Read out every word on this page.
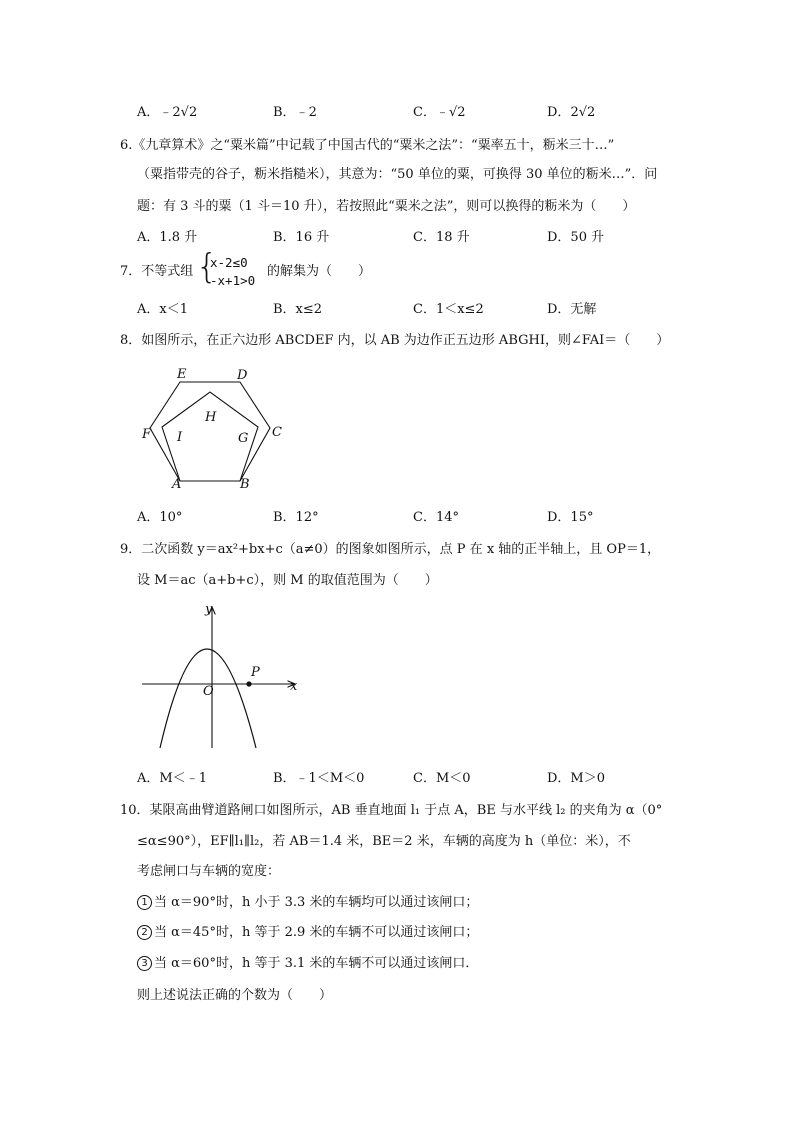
A．﹣2√2	B．﹣2	C．﹣√2	D．2√2
6.《九章算术》之“粟米篇”中记载了中国古代的“粟米之法”：“粟率五十，粝米三十…”
（粟指带壳的谷子，粝米指糙米），其意为：“50 单位的粟，可换得 30 单位的粝米…”．问
题：有 3 斗的粟（1 斗＝10 升），若按照此“粟米之法”，则可以换得的粝米为（　　）
A．1.8 升	B．16 升	C．18 升	D．50 升
7．不等式组 {
x-2≤0
-x+1>0
的解集为（　　）
A．x＜1	B．x≤2	C．1＜x≤2	D．无解
8．如图所示，在正六边形 ABCDEF 内，以 AB 为边作正五边形 ABGHI，则∠FAI＝（　　）
E	D
H
F I	G C
A	B
A．10°	B．12°	C．14°	D．15°
9．二次函数 y＝ax²+bx+c（a≠0）的图象如图所示，点 P 在 x 轴的正半轴上，且 OP＝1，
设 M＝ac（a+b+c），则 M 的取值范围为（　　）
y
x
O
P
A．M＜﹣1	B．﹣1＜M＜0	C．M＜0	D．M＞0
10．某限高曲臂道路闸口如图所示，AB 垂直地面 l₁ 于点 A，BE 与水平线 l₂ 的夹角为 α（0°
≤α≤90°），EF∥l₁∥l₂，若 AB＝1.4 米，BE＝2 米，车辆的高度为 h（单位：米），不
考虑闸口与车辆的宽度：
1 当 α＝90°时，h 小于 3.3 米的车辆均可以通过该闸口；
2 当 α＝45°时，h 等于 2.9 米的车辆不可以通过该闸口；
3 当 α＝60°时，h 等于 3.1 米的车辆不可以通过该闸口．
则上述说法正确的个数为（　　）
